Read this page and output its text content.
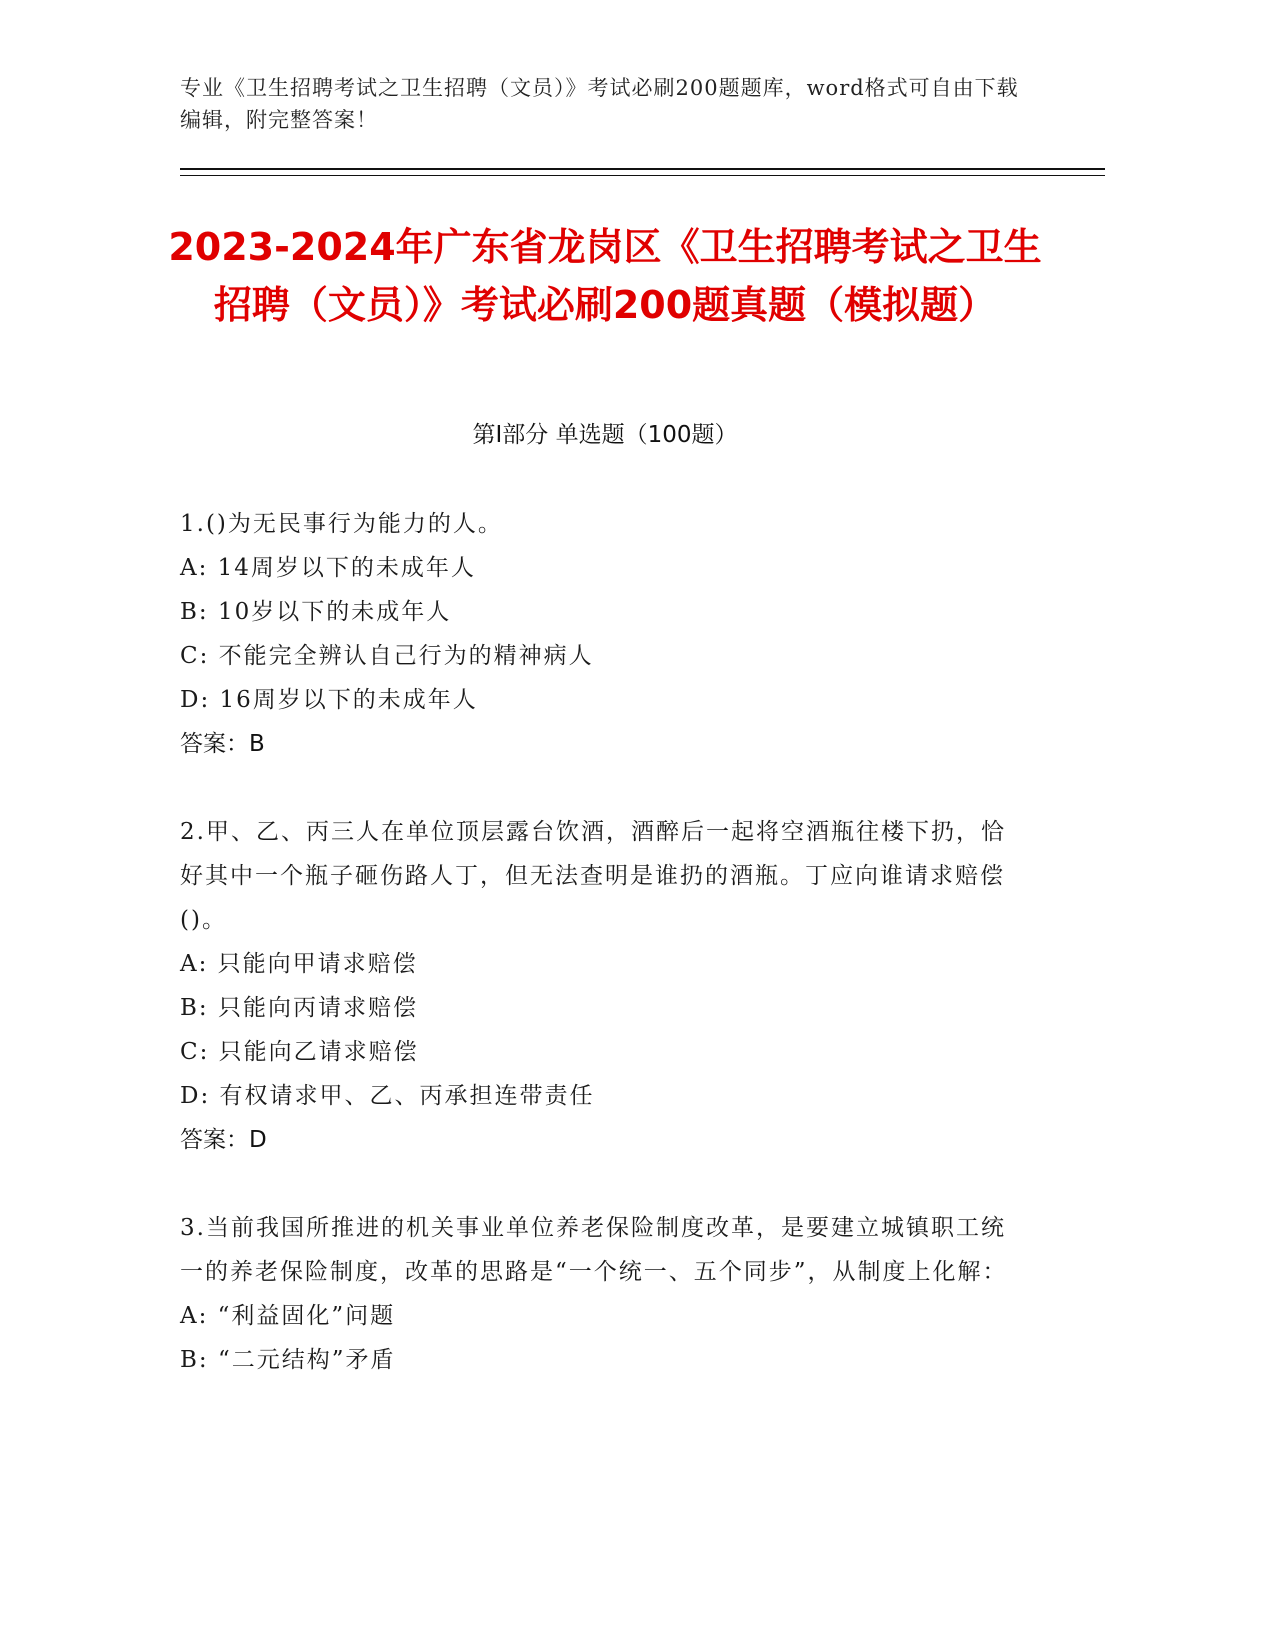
专业《卫生招聘考试之卫生招聘（文员）》考试必刷200题题库，word格式可自由下载编辑，附完整答案！
2023-2024年广东省龙岗区《卫生招聘考试之卫生招聘（文员）》考试必刷200题真题（模拟题）
第Ⅰ部分 单选题（100题）

1.()为无民事行为能力的人。

A: 14周岁以下的未成年人

B: 10岁以下的未成年人

C: 不能完全辨认自己行为的精神病人

D: 16周岁以下的未成年人

答案：B

2.甲、乙、丙三人在单位顶层露台饮酒，酒醉后一起将空酒瓶往楼下扔，恰好其中一个瓶子砸伤路人丁，但无法查明是谁扔的酒瓶。丁应向谁请求赔偿()。

A: 只能向甲请求赔偿

B: 只能向丙请求赔偿

C: 只能向乙请求赔偿

D: 有权请求甲、乙、丙承担连带责任

答案：D

3.当前我国所推进的机关事业单位养老保险制度改革，是要建立城镇职工统一的养老保险制度，改革的思路是“一个统一、五个同步”，从制度上化解：

A: “利益固化”问题

B: “二元结构”矛盾
